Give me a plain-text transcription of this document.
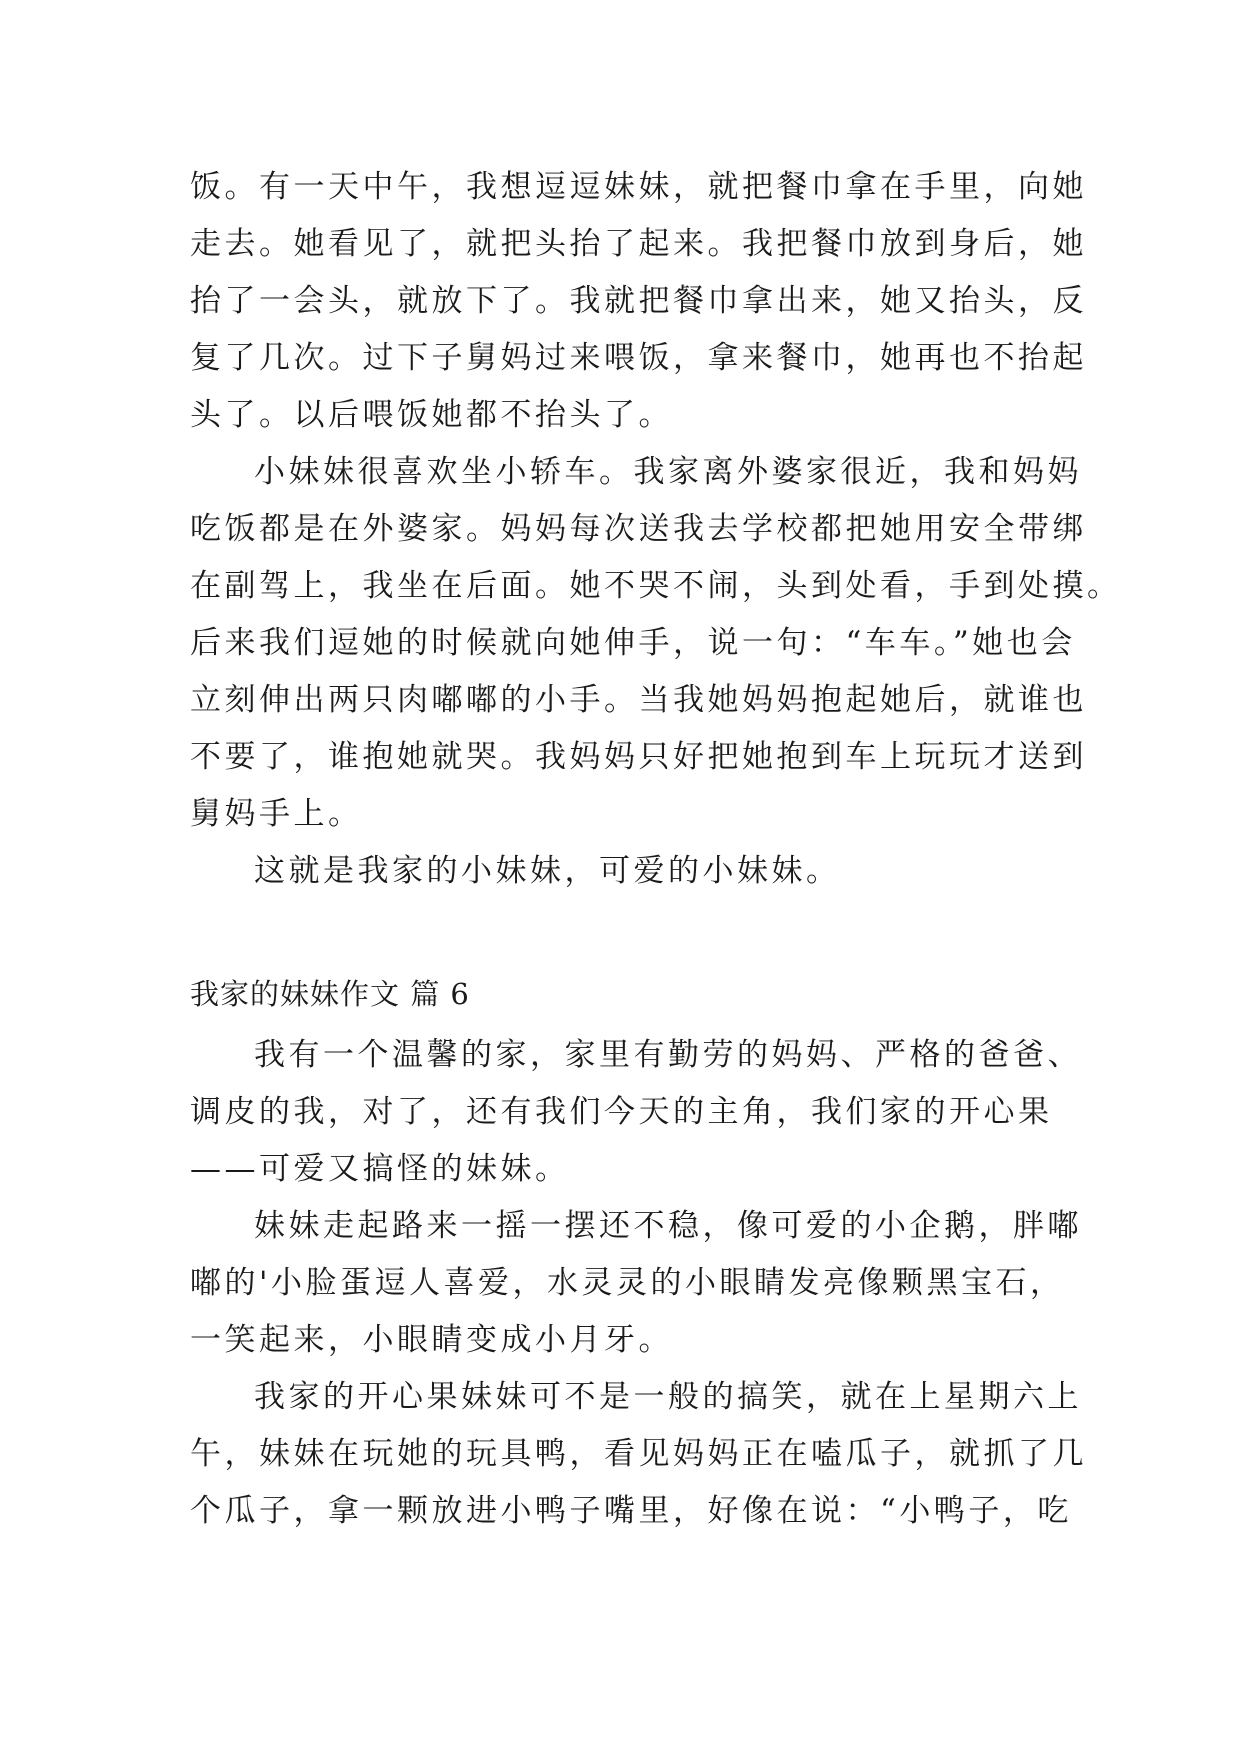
饭。有一天中午，我想逗逗妹妹，就把餐巾拿在手里，向她
走去。她看见了，就把头抬了起来。我把餐巾放到身后，她
抬了一会头，就放下了。我就把餐巾拿出来，她又抬头，反
复了几次。过下子舅妈过来喂饭，拿来餐巾，她再也不抬起
头了。以后喂饭她都不抬头了。
小妹妹很喜欢坐小轿车。我家离外婆家很近，我和妈妈
吃饭都是在外婆家。妈妈每次送我去学校都把她用安全带绑
在副驾上，我坐在后面。她不哭不闹，头到处看，手到处摸。
后来我们逗她的时候就向她伸手，说一句：“车车。”她也会
立刻伸出两只肉嘟嘟的小手。当我她妈妈抱起她后，就谁也
不要了，谁抱她就哭。我妈妈只好把她抱到车上玩玩才送到
舅妈手上。
这就是我家的小妹妹，可爱的小妹妹。
我家的妹妹作文 篇 6
我有一个温馨的家，家里有勤劳的妈妈、严格的爸爸、
调皮的我，对了，还有我们今天的主角，我们家的开心果
——可爱又搞怪的妹妹。
妹妹走起路来一摇一摆还不稳，像可爱的小企鹅，胖嘟
嘟的'小脸蛋逗人喜爱，水灵灵的小眼睛发亮像颗黑宝石，
一笑起来，小眼睛变成小月牙。
我家的开心果妹妹可不是一般的搞笑，就在上星期六上
午，妹妹在玩她的玩具鸭，看见妈妈正在嗑瓜子，就抓了几
个瓜子，拿一颗放进小鸭子嘴里，好像在说：“小鸭子，吃
